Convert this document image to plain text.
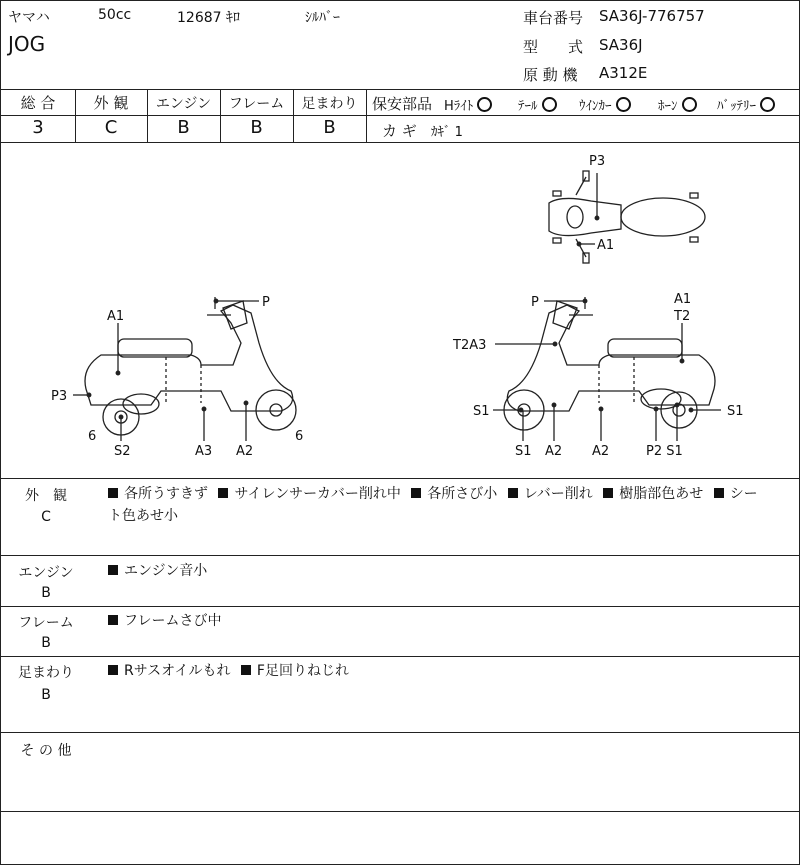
ヤマハ	50cc	12687 ｷﾛ	ｼﾙﾊﾞｰ
JOG
車台番号 SA36J-776757
型　　式 SA36J
原 動 機 A312E
総 合
3
外 観
C
エンジン
B
フレーム
B
足まわり
B
保安部品 Hﾗｲﾄ	ﾃｰﾙ	ｳｲﾝｶｰ	ﾎｰﾝ	ﾊﾞｯﾃﾘｰ
カ ギ ｶｷﾞ 1
P3
A1
P
A1
P3
6
S2	A3 A2
6
P	A1
T2
T2A3
S1	S1
S1 A2 A2	P2 S1
外　観
C
各所うすきず サイレンサーカバー削れ中 各所さび小 レバー削れ 樹脂部色あせ シー
ト色あせ小
エンジン
B
エンジン音小
フレーム
B
フレームさび中
足まわり
B
Rサスオイルもれ F足回りねじれ
そ の 他
